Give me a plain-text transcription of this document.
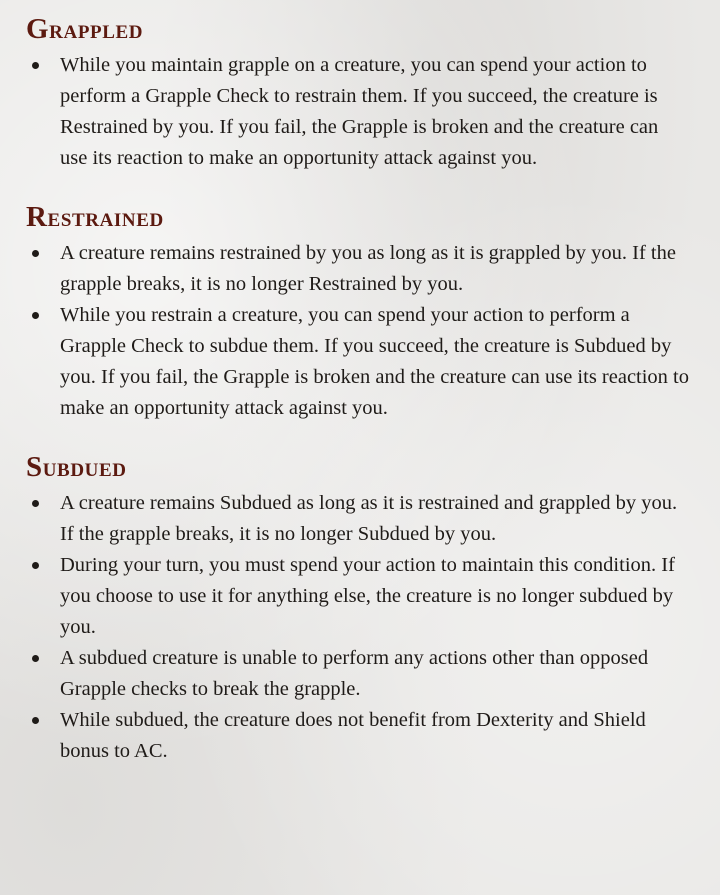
Grappled
While you maintain grapple on a creature, you can spend your action to perform a Grapple Check to restrain them. If you succeed, the creature is Restrained by you. If you fail, the Grapple is broken and the creature can use its reaction to make an opportunity attack against you.
Restrained
A creature remains restrained by you as long as it is grappled by you. If the grapple breaks, it is no longer Restrained by you.
While you restrain a creature, you can spend your action to perform a Grapple Check to subdue them. If you succeed, the creature is Subdued by you. If you fail, the Grapple is broken and the creature can use its reaction to make an opportunity attack against you.
Subdued
A creature remains Subdued as long as it is restrained and grappled by you. If the grapple breaks, it is no longer Subdued by you.
During your turn, you must spend your action to maintain this condition. If you choose to use it for anything else, the creature is no longer subdued by you.
A subdued creature is unable to perform any actions other than opposed Grapple checks to break the grapple.
While subdued, the creature does not benefit from Dexterity and Shield bonus to AC.
